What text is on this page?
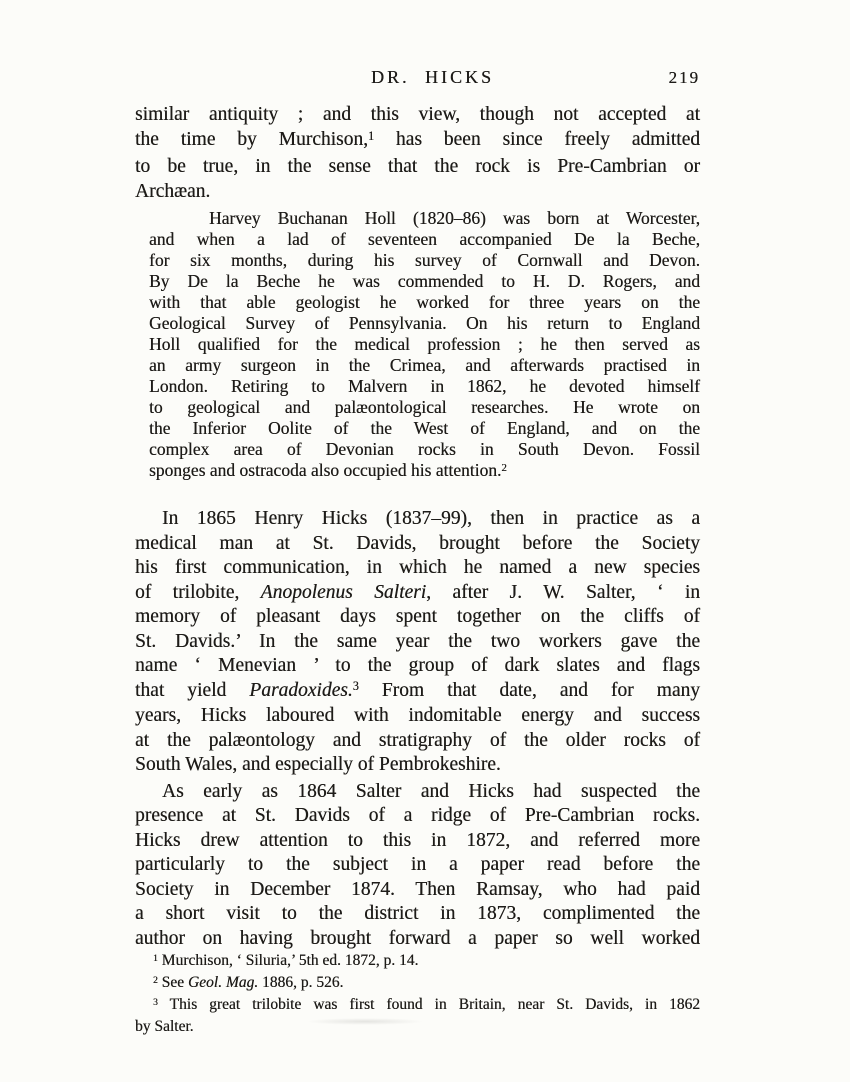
DR. HICKS	219
similar antiquity ; and this view, though not accepted at
the time by Murchison,$^1$ has been since freely admitted
to be true, in the sense that the rock is Pre-Cambrian or
Archæan.
Harvey Buchanan Holl (1820–86) was born at Worcester,
and when a lad of seventeen accompanied De la Beche,
for six months, during his survey of Cornwall and Devon.
By De la Beche he was commended to H. D. Rogers, and
with that able geologist he worked for three years on the
Geological Survey of Pennsylvania. On his return to England
Holl qualified for the medical profession ; he then served as
an army surgeon in the Crimea, and afterwards practised in
London. Retiring to Malvern in 1862, he devoted himself
to geological and palæontological researches. He wrote on
the Inferior Oolite of the West of England, and on the
complex area of Devonian rocks in South Devon. Fossil
sponges and ostracoda also occupied his attention.$^2$
In 1865 Henry Hicks (1837–99), then in practice as a
medical man at St. Davids, brought before the Society
his first communication, in which he named a new species
of trilobite, Anopolenus Salteri, after J. W. Salter, ‘ in
memory of pleasant days spent together on the cliffs of
St. Davids.’ In the same year the two workers gave the
name ‘ Menevian ’ to the group of dark slates and flags
that yield Paradoxides.$^3$ From that date, and for many
years, Hicks laboured with indomitable energy and success
at the palæontology and stratigraphy of the older rocks of
South Wales, and especially of Pembrokeshire.
As early as 1864 Salter and Hicks had suspected the
presence at St. Davids of a ridge of Pre-Cambrian rocks.
Hicks drew attention to this in 1872, and referred more
particularly to the subject in a paper read before the
Society in December 1874. Then Ramsay, who had paid
a short visit to the district in 1873, complimented the
author on having brought forward a paper so well worked
$^1$ Murchison, ‘ Siluria,’ 5th ed. 1872, p. 14.
$^2$ See Geol. Mag. 1886, p. 526.
$^3$ This great trilobite was first found in Britain, near St. Davids, in 1862
by Salter.
